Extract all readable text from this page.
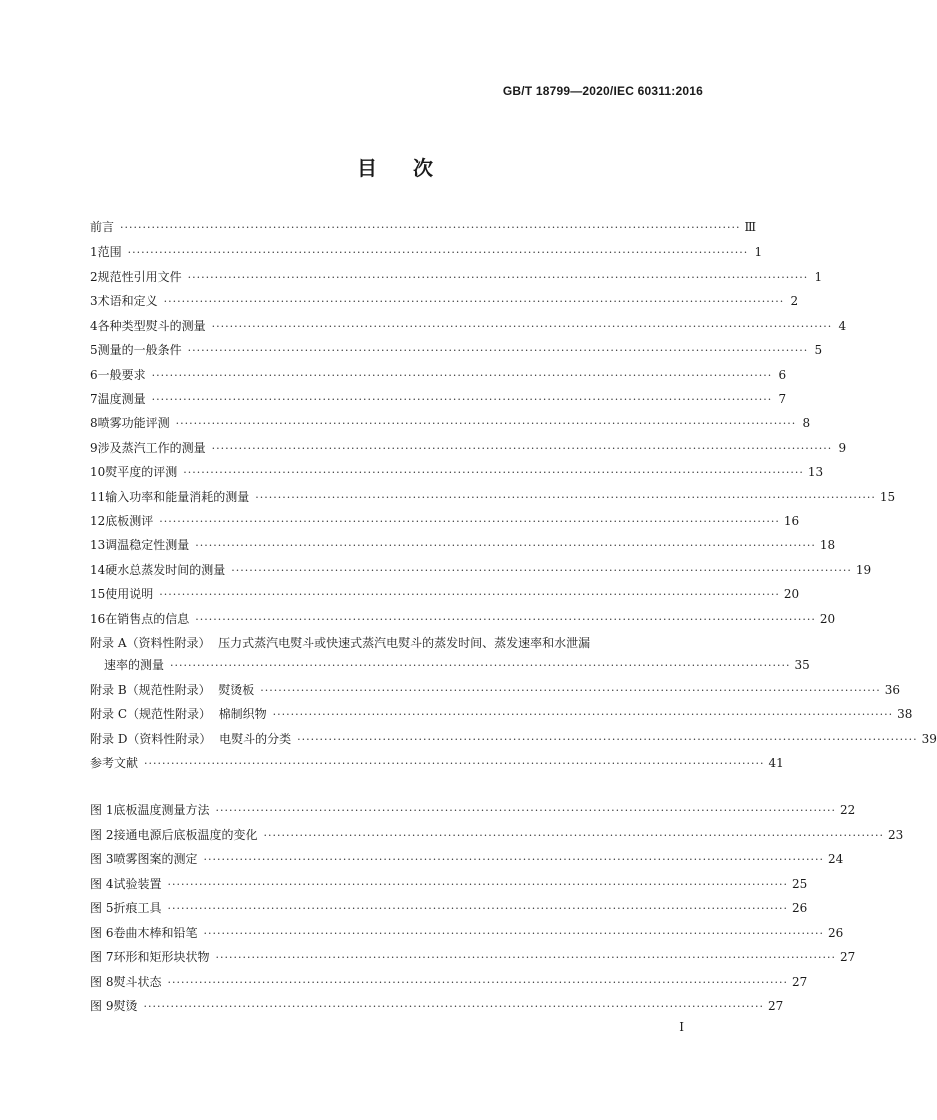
GB/T 18799—2020/IEC 60311:2016
目 次
前言 ·········································································································································· Ⅲ
1 范围 ·········································································································································· 1
2 规范性引用文件 ·········································································································································· 1
3 术语和定义 ·········································································································································· 2
4 各种类型熨斗的测量 ·········································································································································· 4
5 测量的一般条件 ·········································································································································· 5
6 一般要求 ·········································································································································· 6
7 温度测量 ·········································································································································· 7
8 喷雾功能评测 ·········································································································································· 8
9 涉及蒸汽工作的测量 ·········································································································································· 9
10 熨平度的评测 ·········································································································································· 13
11 输入功率和能量消耗的测量 ·········································································································································· 15
12 底板测评 ·········································································································································· 16
13 调温稳定性测量 ·········································································································································· 18
14 硬水总蒸发时间的测量 ·········································································································································· 19
15 使用说明 ·········································································································································· 20
16 在销售点的信息 ·········································································································································· 20
附录 A（资料性附录）  压力式蒸汽电熨斗或快速式蒸汽电熨斗的蒸发时间、蒸发速率和水泄漏
速率的测量 ·········································································································································· 35
附录 B（规范性附录）  熨烫板 ·········································································································································· 36
附录 C（规范性附录）  棉制织物 ·········································································································································· 38
附录 D（资料性附录）  电熨斗的分类 ·········································································································································· 39
参考文献 ·········································································································································· 41
图 1 底板温度测量方法 ·········································································································································· 22
图 2 接通电源后底板温度的变化 ·········································································································································· 23
图 3 喷雾图案的测定 ·········································································································································· 24
图 4 试验装置 ·········································································································································· 25
图 5 折痕工具 ·········································································································································· 26
图 6 卷曲木棒和铅笔 ·········································································································································· 26
图 7 环形和矩形块状物 ·········································································································································· 27
图 8 熨斗状态 ·········································································································································· 27
图 9 熨烫 ·········································································································································· 27
I
